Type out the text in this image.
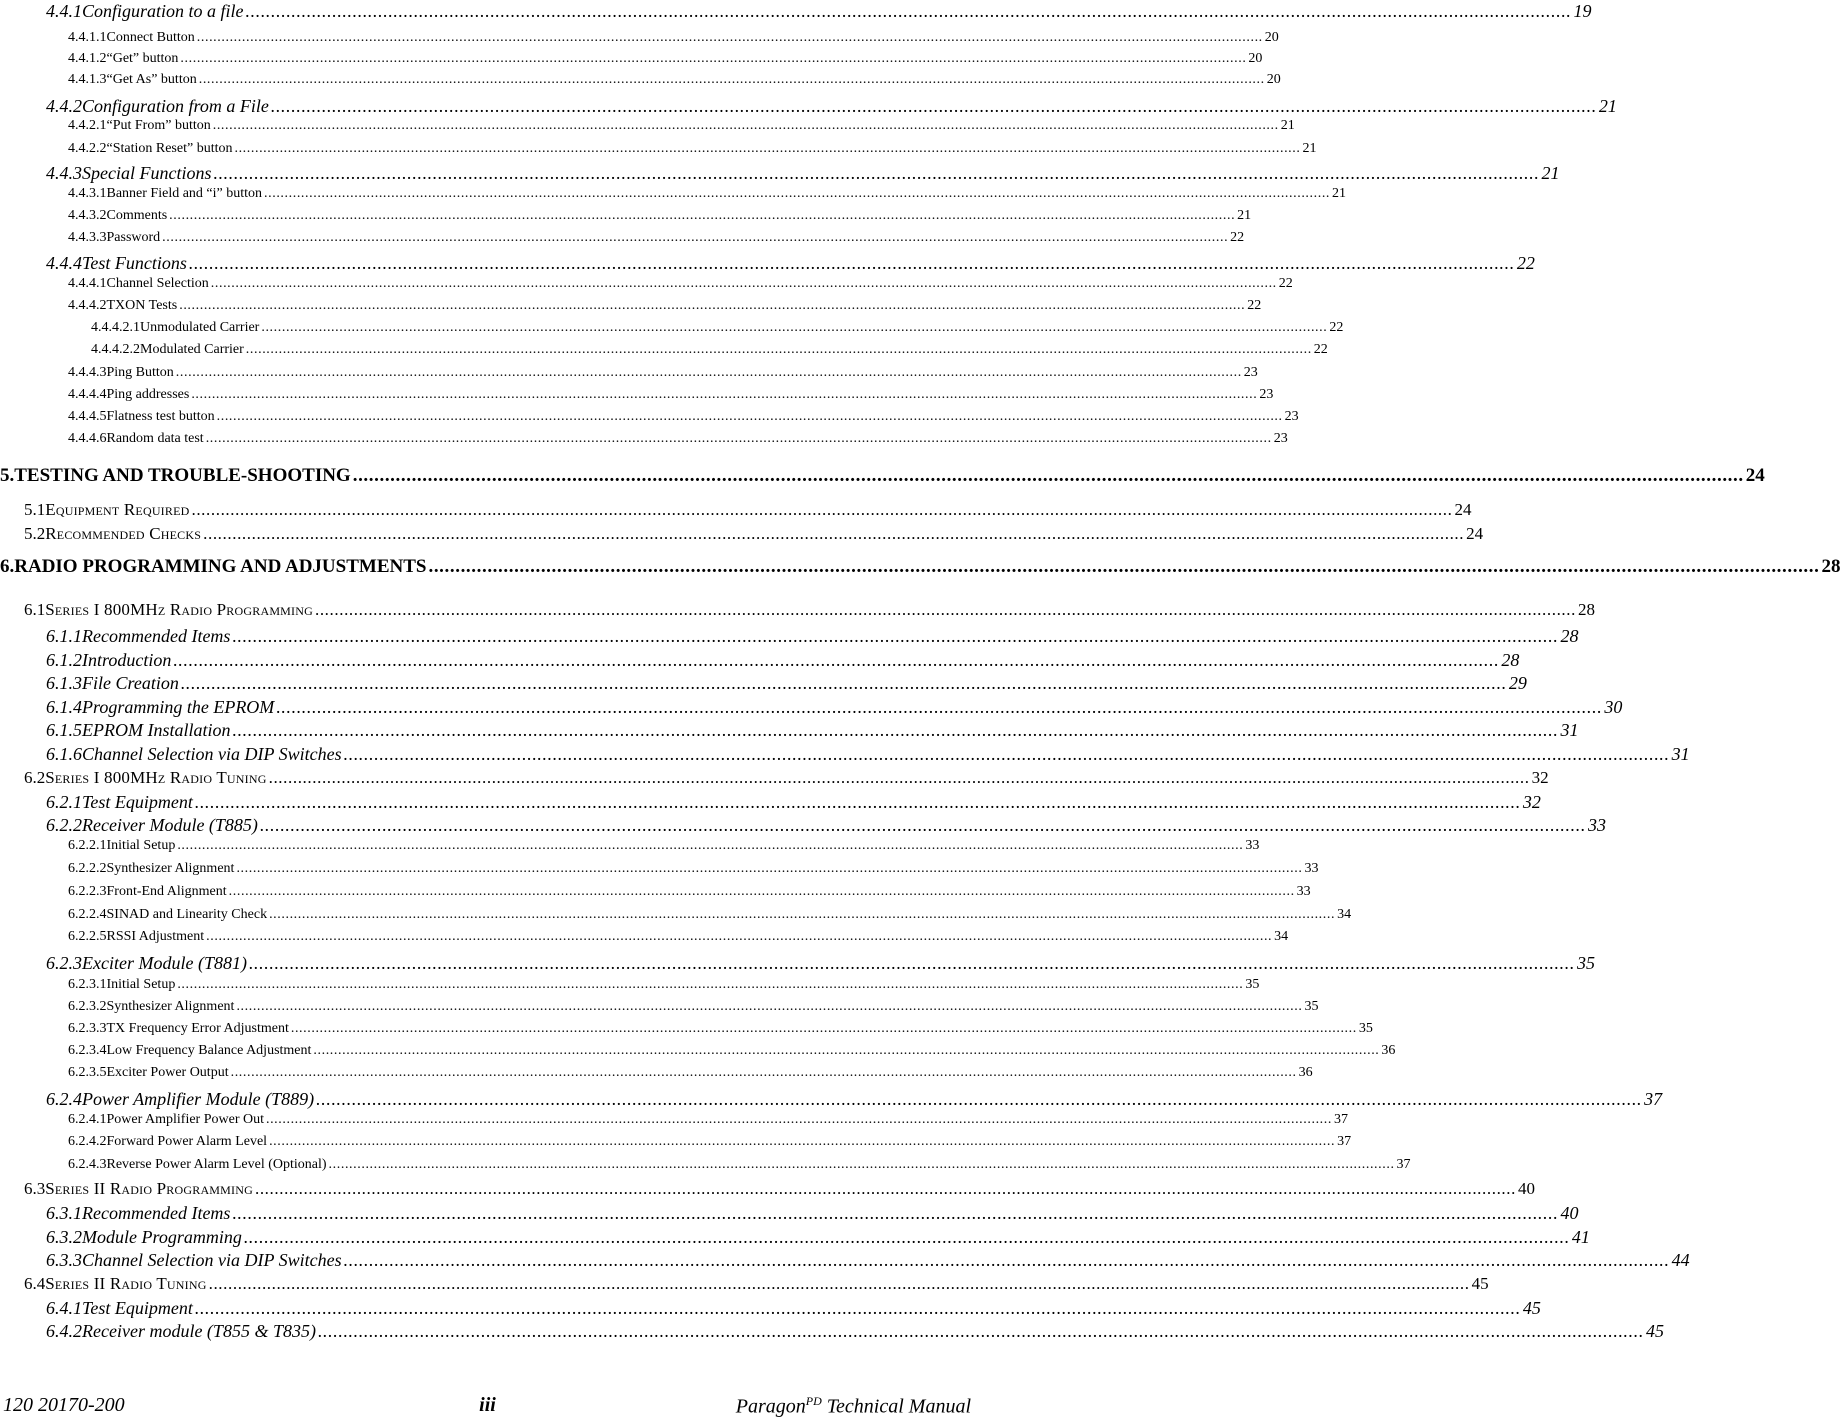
4.4.1 Configuration to a file .................................................................................................................................................................................................................................................................... 19
4.4.1.1 Connect Button .................................................................................................................................................................................................................................................................... 20
4.4.1.2 “Get” button .................................................................................................................................................................................................................................................................... 20
4.4.1.3 “Get As” button .................................................................................................................................................................................................................................................................... 20
4.4.2 Configuration from a File .................................................................................................................................................................................................................................................................... 21
4.4.2.1 “Put From” button .................................................................................................................................................................................................................................................................... 21
4.4.2.2 “Station Reset” button .................................................................................................................................................................................................................................................................... 21
4.4.3 Special Functions .................................................................................................................................................................................................................................................................... 21
4.4.3.1 Banner Field and “i” button .................................................................................................................................................................................................................................................................... 21
4.4.3.2 Comments .................................................................................................................................................................................................................................................................... 21
4.4.3.3 Password .................................................................................................................................................................................................................................................................... 22
4.4.4 Test Functions .................................................................................................................................................................................................................................................................... 22
4.4.4.1 Channel Selection .................................................................................................................................................................................................................................................................... 22
4.4.4.2 TXON Tests .................................................................................................................................................................................................................................................................... 22
4.4.4.2.1 Unmodulated Carrier .................................................................................................................................................................................................................................................................... 22
4.4.4.2.2 Modulated Carrier .................................................................................................................................................................................................................................................................... 22
4.4.4.3 Ping Button .................................................................................................................................................................................................................................................................... 23
4.4.4.4 Ping addresses .................................................................................................................................................................................................................................................................... 23
4.4.4.5 Flatness test button .................................................................................................................................................................................................................................................................... 23
4.4.4.6 Random data test .................................................................................................................................................................................................................................................................... 23
5. TESTING AND TROUBLE-SHOOTING .................................................................................................................................................................................................................................................................... 24
5.1 Equipment Required .................................................................................................................................................................................................................................................................... 24
5.2 Recommended Checks .................................................................................................................................................................................................................................................................... 24
6. RADIO PROGRAMMING AND ADJUSTMENTS .................................................................................................................................................................................................................................................................... 28
6.1 Series I 800MHz Radio Programming .................................................................................................................................................................................................................................................................... 28
6.1.1 Recommended Items .................................................................................................................................................................................................................................................................... 28
6.1.2 Introduction .................................................................................................................................................................................................................................................................... 28
6.1.3 File Creation .................................................................................................................................................................................................................................................................... 29
6.1.4 Programming the EPROM .................................................................................................................................................................................................................................................................... 30
6.1.5 EPROM Installation .................................................................................................................................................................................................................................................................... 31
6.1.6 Channel Selection via DIP Switches .................................................................................................................................................................................................................................................................... 31
6.2 Series I 800MHz Radio Tuning .................................................................................................................................................................................................................................................................... 32
6.2.1 Test Equipment .................................................................................................................................................................................................................................................................... 32
6.2.2 Receiver Module (T885) .................................................................................................................................................................................................................................................................... 33
6.2.2.1 Initial Setup .................................................................................................................................................................................................................................................................... 33
6.2.2.2 Synthesizer Alignment .................................................................................................................................................................................................................................................................... 33
6.2.2.3 Front-End Alignment .................................................................................................................................................................................................................................................................... 33
6.2.2.4 SINAD and Linearity Check .................................................................................................................................................................................................................................................................... 34
6.2.2.5 RSSI Adjustment .................................................................................................................................................................................................................................................................... 34
6.2.3 Exciter Module (T881) .................................................................................................................................................................................................................................................................... 35
6.2.3.1 Initial Setup .................................................................................................................................................................................................................................................................... 35
6.2.3.2 Synthesizer Alignment .................................................................................................................................................................................................................................................................... 35
6.2.3.3 TX Frequency Error Adjustment .................................................................................................................................................................................................................................................................... 35
6.2.3.4 Low Frequency Balance Adjustment .................................................................................................................................................................................................................................................................... 36
6.2.3.5 Exciter Power Output .................................................................................................................................................................................................................................................................... 36
6.2.4 Power Amplifier Module (T889) .................................................................................................................................................................................................................................................................... 37
6.2.4.1 Power Amplifier Power Out .................................................................................................................................................................................................................................................................... 37
6.2.4.2 Forward Power Alarm Level .................................................................................................................................................................................................................................................................... 37
6.2.4.3 Reverse Power Alarm Level (Optional) .................................................................................................................................................................................................................................................................... 37
6.3 Series II Radio Programming .................................................................................................................................................................................................................................................................... 40
6.3.1 Recommended Items .................................................................................................................................................................................................................................................................... 40
6.3.2 Module Programming .................................................................................................................................................................................................................................................................... 41
6.3.3 Channel Selection via DIP Switches .................................................................................................................................................................................................................................................................... 44
6.4 Series II Radio Tuning .................................................................................................................................................................................................................................................................... 45
6.4.1 Test Equipment .................................................................................................................................................................................................................................................................... 45
6.4.2 Receiver module (T855 & T835) .................................................................................................................................................................................................................................................................... 45
120 20170-200	iii	Paragon$^{PD}$ Technical Manual
